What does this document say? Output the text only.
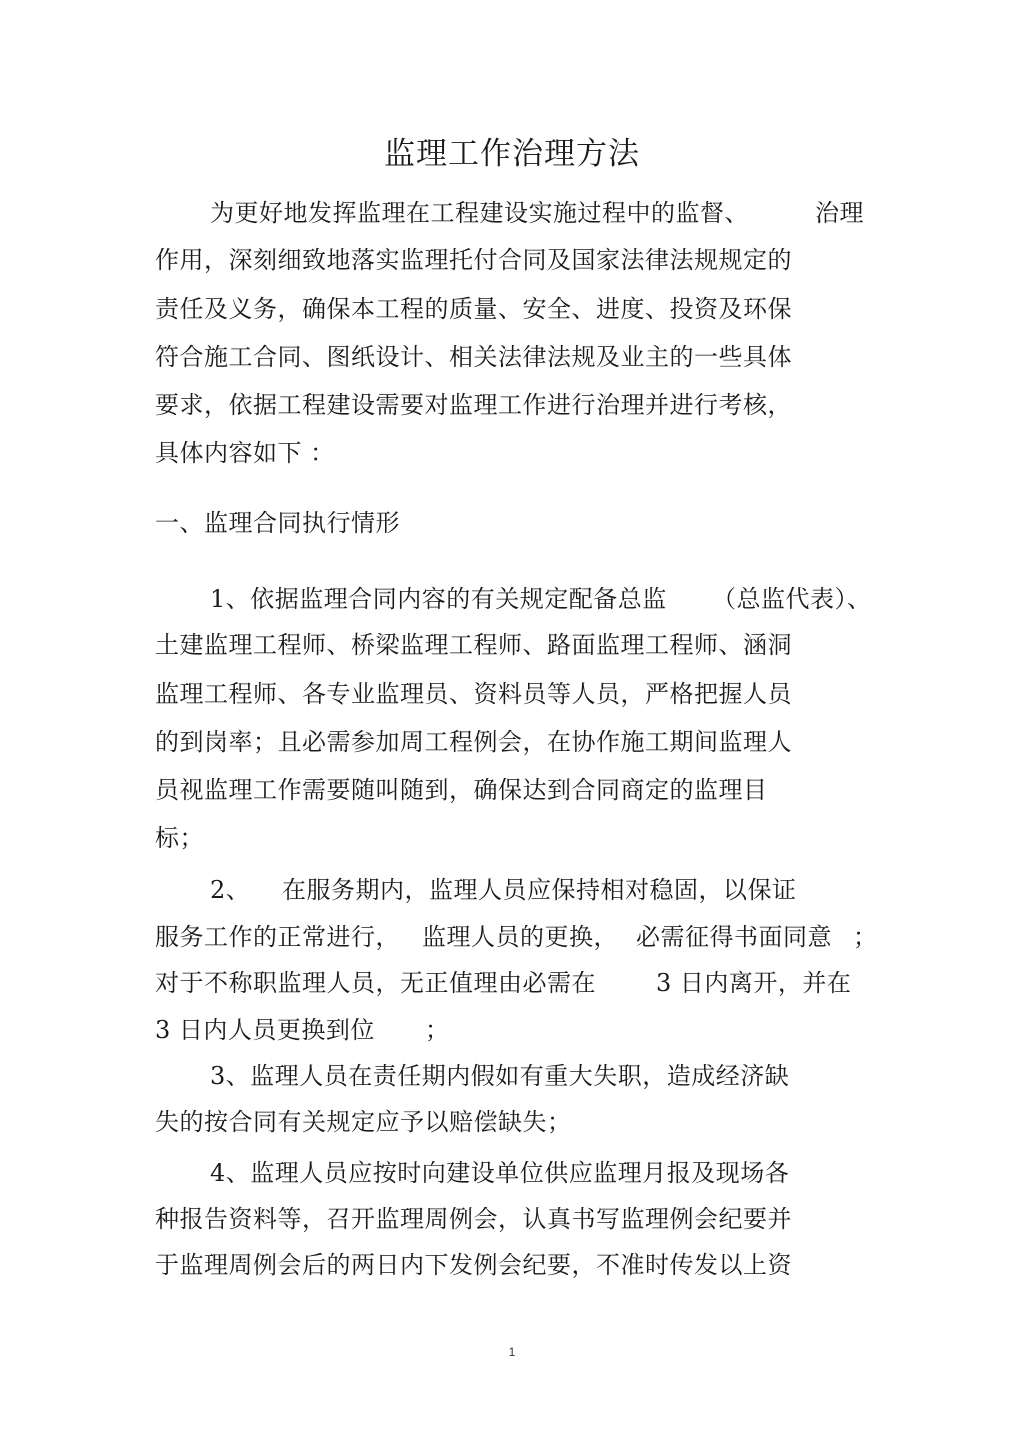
监理工作治理方法
为更好地发挥监理在工程建设实施过程中的监督、	治理
作用，深刻细致地落实监理托付合同及国家法律法规规定的
责任及义务，确保本工程的质量、安全、进度、投资及环保
符合施工合同、图纸设计、相关法律法规及业主的一些具体
要求，依据工程建设需要对监理工作进行治理并进行考核，
具体内容如下 ：
一、监理合同执行情形
1、依据监理合同内容的有关规定配备总监 （总监代表）、
土建监理工程师、桥梁监理工程师、路面监理工程师、涵洞
监理工程师、各专业监理员、资料员等人员，严格把握人员
的到岗率；且必需参加周工程例会，在协作施工期间监理人
员视监理工作需要随叫随到，确保达到合同商定的监理目
标；
2、 在服务期内，监理人员应保持相对稳固，以保证
服务工作的正常进行， 监理人员的更换， 必需征得书面同意 ；
对于不称职监理人员，无正值理由必需在	3 日内离开，并在
3 日内人员更换到位 ；
3、监理人员在责任期内假如有重大失职，造成经济缺
失的按合同有关规定应予以赔偿缺失；
4、监理人员应按时向建设单位供应监理月报及现场各
种报告资料等，召开监理周例会，认真书写监理例会纪要并
于监理周例会后的两日内下发例会纪要，不准时传发以上资
1
